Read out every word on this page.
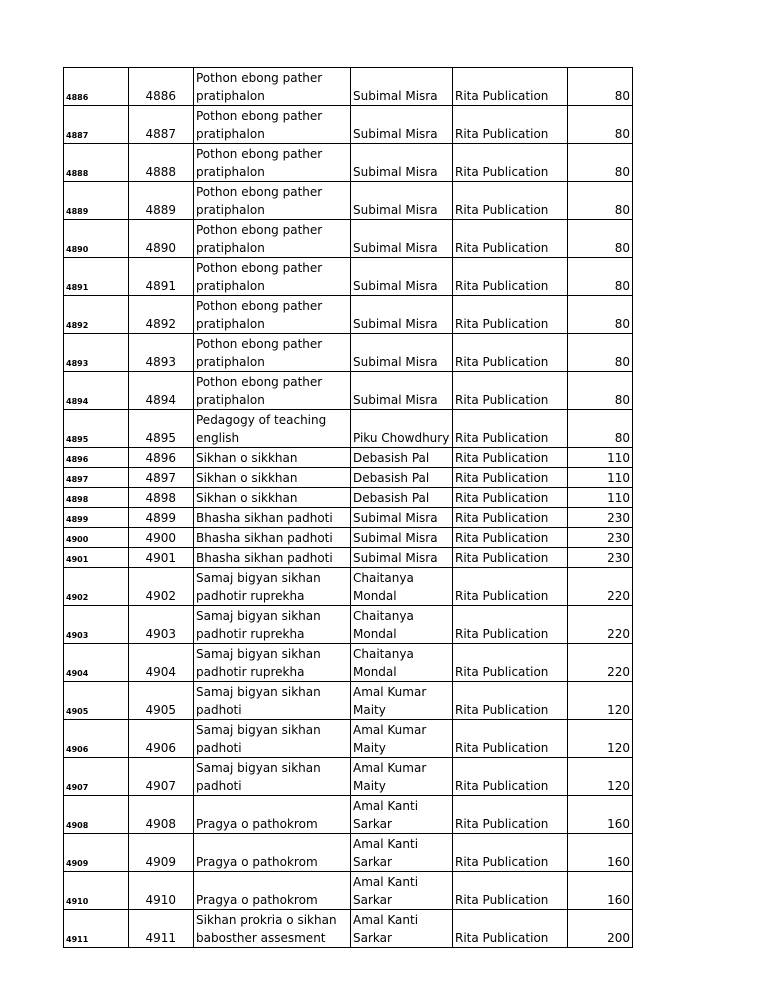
4886	4886	Pothon ebong pather pratiphalon	Subimal Misra	Rita Publication	80
4887	4887	Pothon ebong pather pratiphalon	Subimal Misra	Rita Publication	80
4888	4888	Pothon ebong pather pratiphalon	Subimal Misra	Rita Publication	80
4889	4889	Pothon ebong pather pratiphalon	Subimal Misra	Rita Publication	80
4890	4890	Pothon ebong pather pratiphalon	Subimal Misra	Rita Publication	80
4891	4891	Pothon ebong pather pratiphalon	Subimal Misra	Rita Publication	80
4892	4892	Pothon ebong pather pratiphalon	Subimal Misra	Rita Publication	80
4893	4893	Pothon ebong pather pratiphalon	Subimal Misra	Rita Publication	80
4894	4894	Pothon ebong pather pratiphalon	Subimal Misra	Rita Publication	80
4895	4895	Pedagogy of teaching english	Piku Chowdhury	Rita Publication	80
4896	4896	Sikhan o sikkhan	Debasish Pal	Rita Publication	110
4897	4897	Sikhan o sikkhan	Debasish Pal	Rita Publication	110
4898	4898	Sikhan o sikkhan	Debasish Pal	Rita Publication	110
4899	4899	Bhasha sikhan padhoti	Subimal Misra	Rita Publication	230
4900	4900	Bhasha sikhan padhoti	Subimal Misra	Rita Publication	230
4901	4901	Bhasha sikhan padhoti	Subimal Misra	Rita Publication	230
4902	4902	Samaj bigyan sikhan padhotir ruprekha	Chaitanya Mondal	Rita Publication	220
4903	4903	Samaj bigyan sikhan padhotir ruprekha	Chaitanya Mondal	Rita Publication	220
4904	4904	Samaj bigyan sikhan padhotir ruprekha	Chaitanya Mondal	Rita Publication	220
4905	4905	Samaj bigyan sikhan padhoti	Amal Kumar Maity	Rita Publication	120
4906	4906	Samaj bigyan sikhan padhoti	Amal Kumar Maity	Rita Publication	120
4907	4907	Samaj bigyan sikhan padhoti	Amal Kumar Maity	Rita Publication	120
4908	4908	Pragya o pathokrom	Amal Kanti Sarkar	Rita Publication	160
4909	4909	Pragya o pathokrom	Amal Kanti Sarkar	Rita Publication	160
4910	4910	Pragya o pathokrom	Amal Kanti Sarkar	Rita Publication	160
4911	4911	Sikhan prokria o sikhan babosther assesment	Amal Kanti Sarkar	Rita Publication	200
